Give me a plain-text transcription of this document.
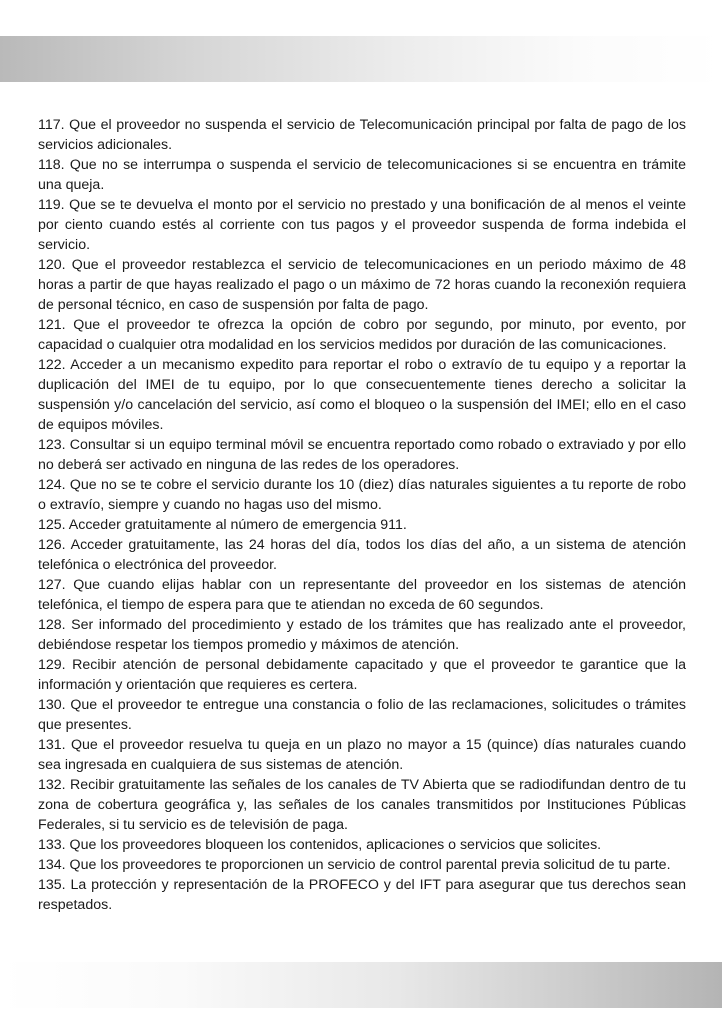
117. Que el proveedor no suspenda el servicio de Telecomunicación principal por falta de pago de los servicios adicionales.

118. Que no se interrumpa o suspenda el servicio de telecomunicaciones si se encuentra en trámite una queja.

119. Que se te devuelva el monto por el servicio no prestado y una bonificación de al menos el veinte por ciento cuando estés al corriente con tus pagos y el proveedor suspenda de forma indebida el servicio.

120. Que el proveedor restablezca el servicio de telecomunicaciones en un periodo máximo de 48 horas a partir de que hayas realizado el pago o un máximo de 72 horas cuando la reconexión requiera de personal técnico, en caso de suspensión por falta de pago.

121. Que el proveedor te ofrezca la opción de cobro por segundo, por minuto, por evento, por capacidad o cualquier otra modalidad en los servicios medidos por duración de las comunicaciones.

122. Acceder a un mecanismo expedito para reportar el robo o extravío de tu equipo y a reportar la duplicación del IMEI de tu equipo, por lo que consecuentemente tienes derecho a solicitar la suspensión y/o cancelación del servicio, así como el bloqueo o la suspensión del IMEI; ello en el caso de equipos móviles.

123. Consultar si un equipo terminal móvil se encuentra reportado como robado o extraviado y por ello no deberá ser activado en ninguna de las redes de los operadores.

124. Que no se te cobre el servicio durante los 10 (diez) días naturales siguientes a tu reporte de robo o extravío, siempre y cuando no hagas uso del mismo.

125. Acceder gratuitamente al número de emergencia 911.

126. Acceder gratuitamente, las 24 horas del día, todos los días del año, a un sistema de atención telefónica o electrónica del proveedor.

127. Que cuando elijas hablar con un representante del proveedor en los sistemas de atención telefónica, el tiempo de espera para que te atiendan no exceda de 60 segundos.

128. Ser informado del procedimiento y estado de los trámites que has realizado ante el proveedor, debiéndose respetar los tiempos promedio y máximos de atención.

129. Recibir atención de personal debidamente capacitado y que el proveedor te garantice que la información y orientación que requieres es certera.

130. Que el proveedor te entregue una constancia o folio de las reclamaciones, solicitudes o trámites que presentes.

131. Que el proveedor resuelva tu queja en un plazo no mayor a 15 (quince) días naturales cuando sea ingresada en cualquiera de sus sistemas de atención.

132. Recibir gratuitamente las señales de los canales de TV Abierta que se radiodifundan dentro de tu zona de cobertura geográfica y, las señales de los canales transmitidos por Instituciones Públicas Federales, si tu servicio es de televisión de paga.

133. Que los proveedores bloqueen los contenidos, aplicaciones o servicios que solicites.

134. Que los proveedores te proporcionen un servicio de control parental previa solicitud de tu parte.

135. La protección y representación de la PROFECO y del IFT para asegurar que tus derechos sean respetados.
